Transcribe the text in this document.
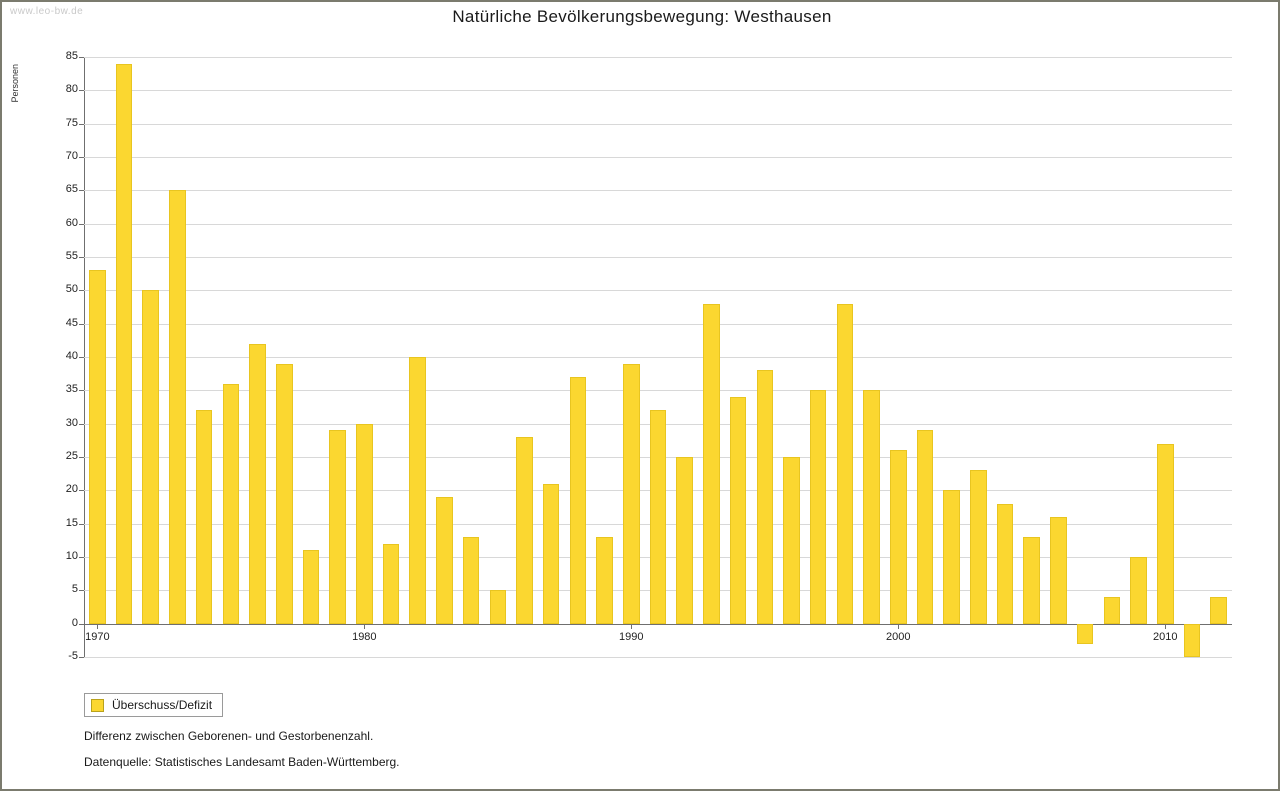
www.leo-bw.de	Natürliche Bevölkerungsbewegung: Westhausen
Personen
-5
0
5
10
15
20
25
30
35
40
45
50
55
60
65
70
75
80
85
1970	1980	1990	2000	2010
Überschuss/Defizit
Differenz zwischen Geborenen- und Gestorbenenzahl.
Datenquelle: Statistisches Landesamt Baden-Württemberg.
